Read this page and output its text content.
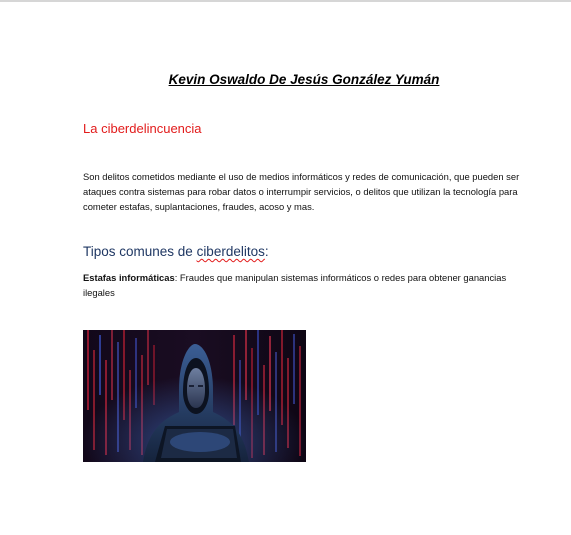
Kevin Oswaldo De Jesús González Yumán
La ciberdelincuencia
Son delitos cometidos mediante el uso de medios informáticos y redes de comunicación, que pueden ser ataques contra sistemas para robar datos o interrumpir servicios, o delitos que utilizan la tecnología para cometer estafas, suplantaciones, fraudes, acoso y mas.
Tipos comunes de ciberdelitos:
Estafas informáticas: Fraudes que manipulan sistemas informáticos o redes para obtener ganancias ilegales
